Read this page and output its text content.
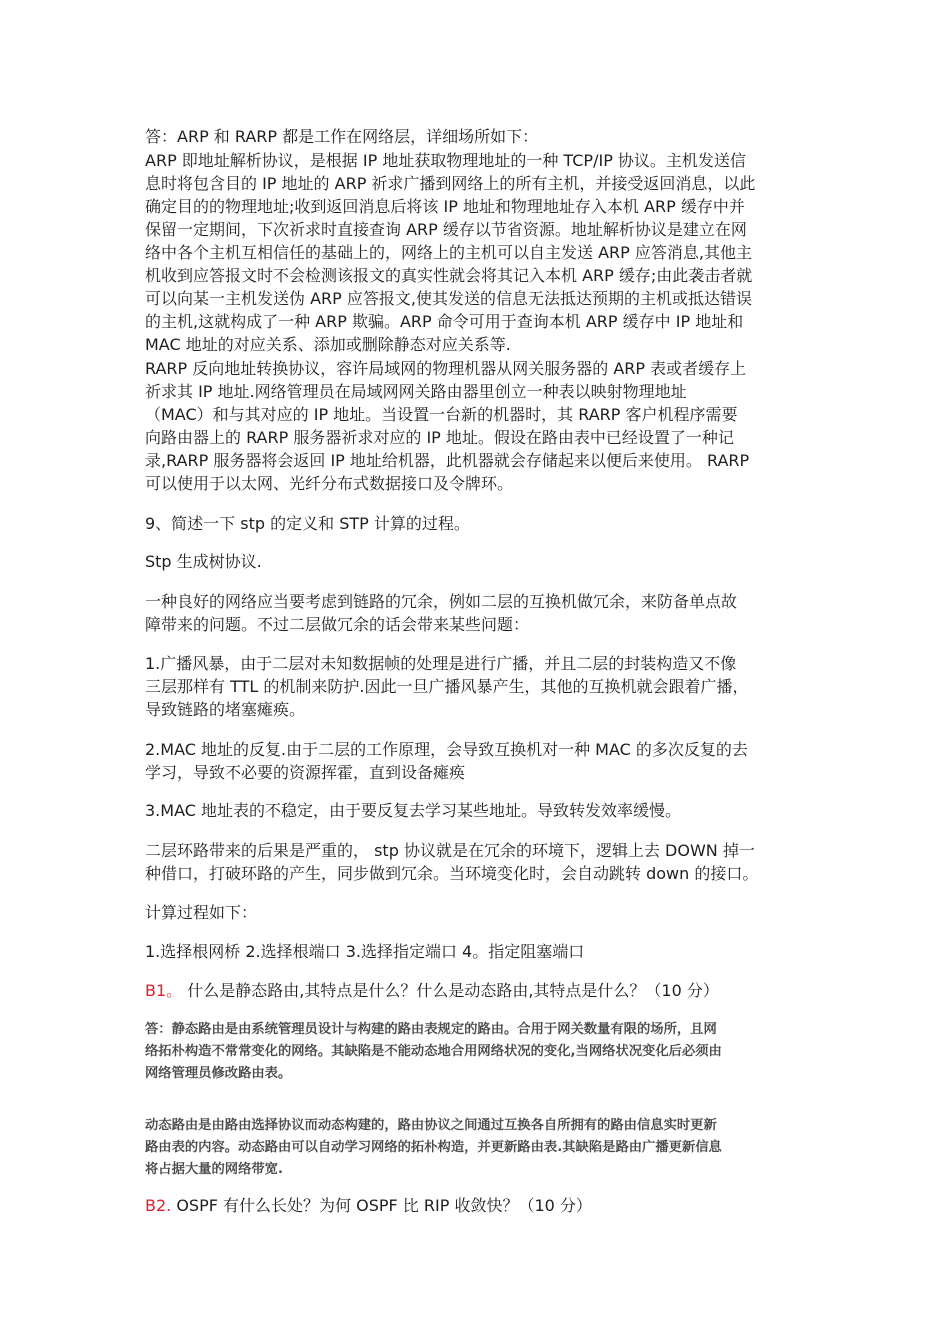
答：ARP 和 RARP 都是工作在网络层，详细场所如下：

ARP 即地址解析协议，是根据 IP 地址获取物理地址的一种 TCP/IP 协议。主机发送信

息时将包含目的 IP 地址的 ARP 祈求广播到网络上的所有主机，并接受返回消息，以此

确定目的的物理地址;收到返回消息后将该 IP 地址和物理地址存入本机 ARP 缓存中并

保留一定期间，下次祈求时直接查询 ARP 缓存以节省资源。地址解析协议是建立在网

络中各个主机互相信任的基础上的，网络上的主机可以自主发送 ARP 应答消息,其他主

机收到应答报文时不会检测该报文的真实性就会将其记入本机 ARP 缓存;由此袭击者就

可以向某一主机发送伪 ARP 应答报文,使其发送的信息无法抵达预期的主机或抵达错误

的主机,这就构成了一种 ARP 欺骗。ARP 命令可用于查询本机 ARP 缓存中 IP 地址和

MAC 地址的对应关系、添加或删除静态对应关系等.

RARP 反向地址转换协议，容许局域网的物理机器从网关服务器的 ARP 表或者缓存上

祈求其 IP 地址.网络管理员在局域网网关路由器里创立一种表以映射物理地址

（MAC）和与其对应的 IP 地址。当设置一台新的机器时，其 RARP 客户机程序需要

向路由器上的 RARP 服务器祈求对应的 IP 地址。假设在路由表中已经设置了一种记

录,RARP 服务器将会返回 IP 地址给机器，此机器就会存储起来以便后来使用。 RARP

可以使用于以太网、光纤分布式数据接口及令牌环。

9、简述一下 stp 的定义和 STP 计算的过程。

Stp 生成树协议.

一种良好的网络应当要考虑到链路的冗余，例如二层的互换机做冗余，来防备单点故

障带来的问题。不过二层做冗余的话会带来某些问题：

1.广播风暴，由于二层对未知数据帧的处理是进行广播，并且二层的封装构造又不像

三层那样有 TTL 的机制来防护.因此一旦广播风暴产生，其他的互换机就会跟着广播，

导致链路的堵塞瘫痪。

2.MAC 地址的反复.由于二层的工作原理，会导致互换机对一种 MAC 的多次反复的去

学习，导致不必要的资源挥霍，直到设备瘫痪

3.MAC 地址表的不稳定，由于要反复去学习某些地址。导致转发效率缓慢。

二层环路带来的后果是严重的， stp 协议就是在冗余的环境下，逻辑上去 DOWN 掉一

种借口，打破环路的产生，同步做到冗余。当环境变化时，会自动跳转 down 的接口。

计算过程如下：

1.选择根网桥 2.选择根端口 3.选择指定端口 4。指定阻塞端口

B1。 什么是静态路由,其特点是什么？什么是动态路由,其特点是什么？（10 分）

答：静态路由是由系统管理员设计与构建的路由表规定的路由。合用于网关数量有限的场所，且网

络拓朴构造不常常变化的网络。其缺陷是不能动态地合用网络状况的变化,当网络状况变化后必须由

网络管理员修改路由表。

动态路由是由路由选择协议而动态构建的，路由协议之间通过互换各自所拥有的路由信息实时更新

路由表的内容。动态路由可以自动学习网络的拓朴构造，并更新路由表.其缺陷是路由广播更新信息

将占据大量的网络带宽.

B2. OSPF 有什么长处？为何 OSPF 比 RIP 收敛快？（10 分）
